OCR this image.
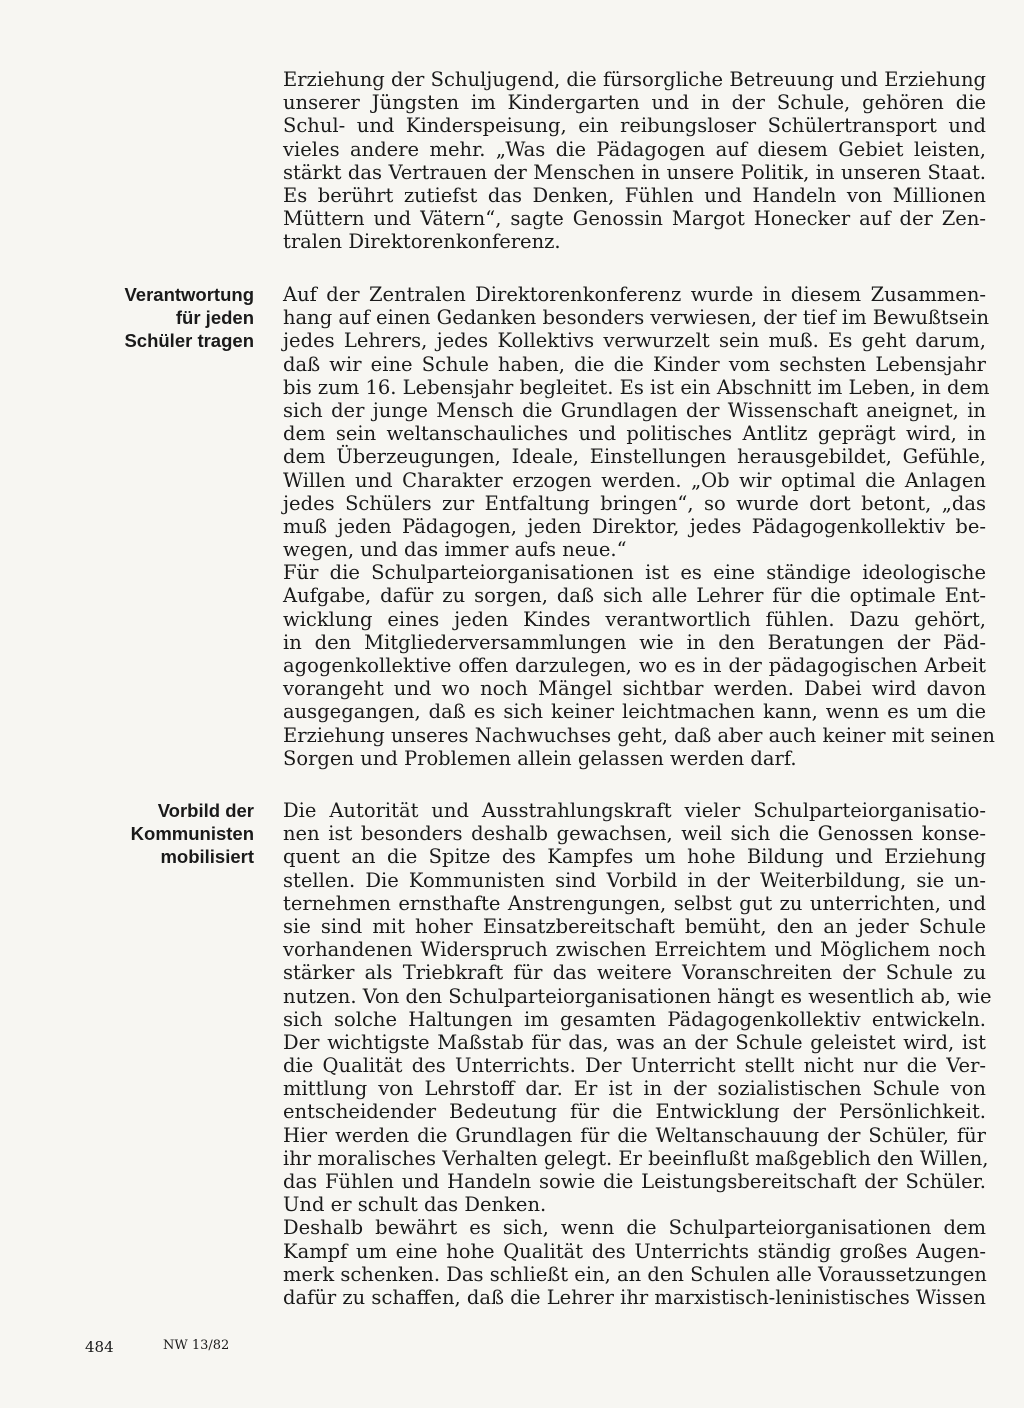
Erziehung der Schuljugend, die fürsorgliche Betreuung und Erziehung
unserer Jüngsten im Kindergarten und in der Schule, gehören die
Schul- und Kinderspeisung, ein reibungsloser Schülertransport und
vieles andere mehr. „Was die Pädagogen auf diesem Gebiet leisten,
stärkt das Vertrauen der Menschen in unsere Politik, in unseren Staat.
Es berührt zutiefst das Denken, Fühlen und Handeln von Millionen
Müttern und Vätern“, sagte Genossin Margot Honecker auf der Zen-
tralen Direktorenkonferenz.
Verantwortung
für jeden
Schüler tragen
Auf der Zentralen Direktorenkonferenz wurde in diesem Zusammen-
hang auf einen Gedanken besonders verwiesen, der tief im Bewußtsein
jedes Lehrers, jedes Kollektivs verwurzelt sein muß. Es geht darum,
daß wir eine Schule haben, die die Kinder vom sechsten Lebensjahr
bis zum 16. Lebensjahr begleitet. Es ist ein Abschnitt im Leben, in dem
sich der junge Mensch die Grundlagen der Wissenschaft aneignet, in
dem sein weltanschauliches und politisches Antlitz geprägt wird, in
dem Überzeugungen, Ideale, Einstellungen herausgebildet, Gefühle,
Willen und Charakter erzogen werden. „Ob wir optimal die Anlagen
jedes Schülers zur Entfaltung bringen“, so wurde dort betont, „das
muß jeden Pädagogen, jeden Direktor, jedes Pädagogenkollektiv be-
wegen, und das immer aufs neue.“
Für die Schulparteiorganisationen ist es eine ständige ideologische
Aufgabe, dafür zu sorgen, daß sich alle Lehrer für die optimale Ent-
wicklung eines jeden Kindes verantwortlich fühlen. Dazu gehört,
in den Mitgliederversammlungen wie in den Beratungen der Päd-
agogenkollektive offen darzulegen, wo es in der pädagogischen Arbeit
vorangeht und wo noch Mängel sichtbar werden. Dabei wird davon
ausgegangen, daß es sich keiner leichtmachen kann, wenn es um die
Erziehung unseres Nachwuchses geht, daß aber auch keiner mit seinen
Sorgen und Problemen allein gelassen werden darf.
Vorbild der
Kommunisten
mobilisiert
Die Autorität und Ausstrahlungskraft vieler Schulparteiorganisatio-
nen ist besonders deshalb gewachsen, weil sich die Genossen konse-
quent an die Spitze des Kampfes um hohe Bildung und Erziehung
stellen. Die Kommunisten sind Vorbild in der Weiterbildung, sie un-
ternehmen ernsthafte Anstrengungen, selbst gut zu unterrichten, und
sie sind mit hoher Einsatzbereitschaft bemüht, den an jeder Schule
vorhandenen Widerspruch zwischen Erreichtem und Möglichem noch
stärker als Triebkraft für das weitere Voranschreiten der Schule zu
nutzen. Von den Schulparteiorganisationen hängt es wesentlich ab, wie
sich solche Haltungen im gesamten Pädagogenkollektiv entwickeln.
Der wichtigste Maßstab für das, was an der Schule geleistet wird, ist
die Qualität des Unterrichts. Der Unterricht stellt nicht nur die Ver-
mittlung von Lehrstoff dar. Er ist in der sozialistischen Schule von
entscheidender Bedeutung für die Entwicklung der Persönlichkeit.
Hier werden die Grundlagen für die Weltanschauung der Schüler, für
ihr moralisches Verhalten gelegt. Er beeinflußt maßgeblich den Willen,
das Fühlen und Handeln sowie die Leistungsbereitschaft der Schüler.
Und er schult das Denken.
Deshalb bewährt es sich, wenn die Schulparteiorganisationen dem
Kampf um eine hohe Qualität des Unterrichts ständig großes Augen-
merk schenken. Das schließt ein, an den Schulen alle Voraussetzungen
dafür zu schaffen, daß die Lehrer ihr marxistisch-leninistisches Wissen
484	NW 13/82
